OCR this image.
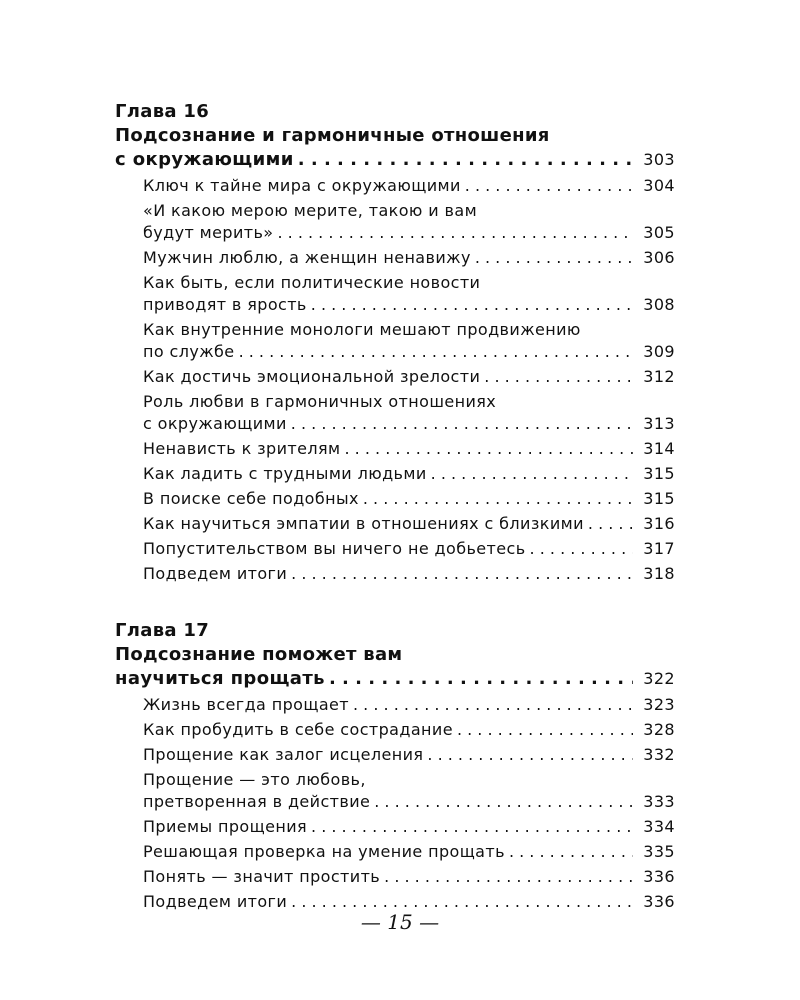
Глава 16
Подсознание и гармоничные отношения
с окружающими . . .	303
Ключ к тайне мира с окружающими . . .	304
«И какою мерою мерите, такою и вам
будут мерить» . . .	305
Мужчин люблю, а женщин ненавижу . . .	306
Как быть, если политические новости
приводят в ярость . . .	308
Как внутренние монологи мешают продвижению
по службе . . .	309
Как достичь эмоциональной зрелости . . .	312
Роль любви в гармоничных отношениях
с окружающими . . .	313
Ненависть к зрителям . . .	314
Как ладить с трудными людьми . . .	315
В поиске себе подобных . . .	315
Как научиться эмпатии в отношениях с близкими . . .	316
Попустительством вы ничего не добьетесь . . .	317
Подведем итоги . . .	318
Глава 17
Подсознание поможет вам
научиться прощать . . .	322
Жизнь всегда прощает . . .	323
Как пробудить в себе сострадание . . .	328
Прощение как залог исцеления . . .	332
Прощение — это любовь,
претворенная в действие . . .	333
Приемы прощения . . .	334
Решающая проверка на умение прощать . . .	335
Понять — значит простить . . .	336
Подведем итоги . . .	336
— 15 —
